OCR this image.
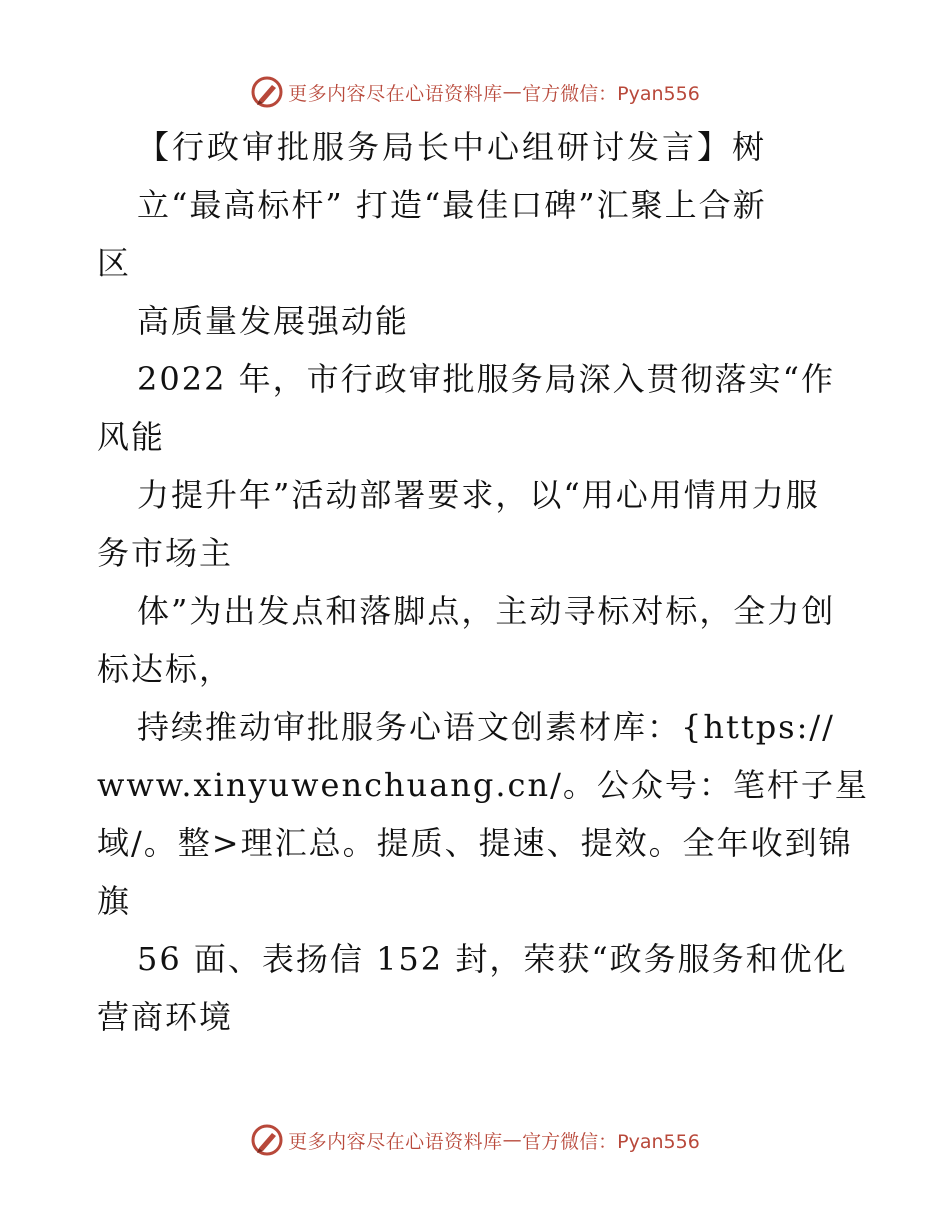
更多内容尽在心语资料库 — 官方微信：Pyan556
【行政审批服务局长中心组研讨发言】树
立“最高标杆” 打造“最佳口碑”汇聚上合新
区
高质量发展强动能
2022 年，市行政审批服务局深入贯彻落实“作
风能
力提升年”活动部署要求，以“用心用情用力服
务市场主
体”为出发点和落脚点，主动寻标对标，全力创
标达标，
持续推动审批服务心语文创素材库：{https://
www.xinyuwenchuang.cn/。公众号：笔杆子星
域/。整>理汇总。提质、提速、提效。全年收到锦
旗
56 面、表扬信 152 封，荣获“政务服务和优化
营商环境
更多内容尽在心语资料库 — 官方微信：Pyan556
